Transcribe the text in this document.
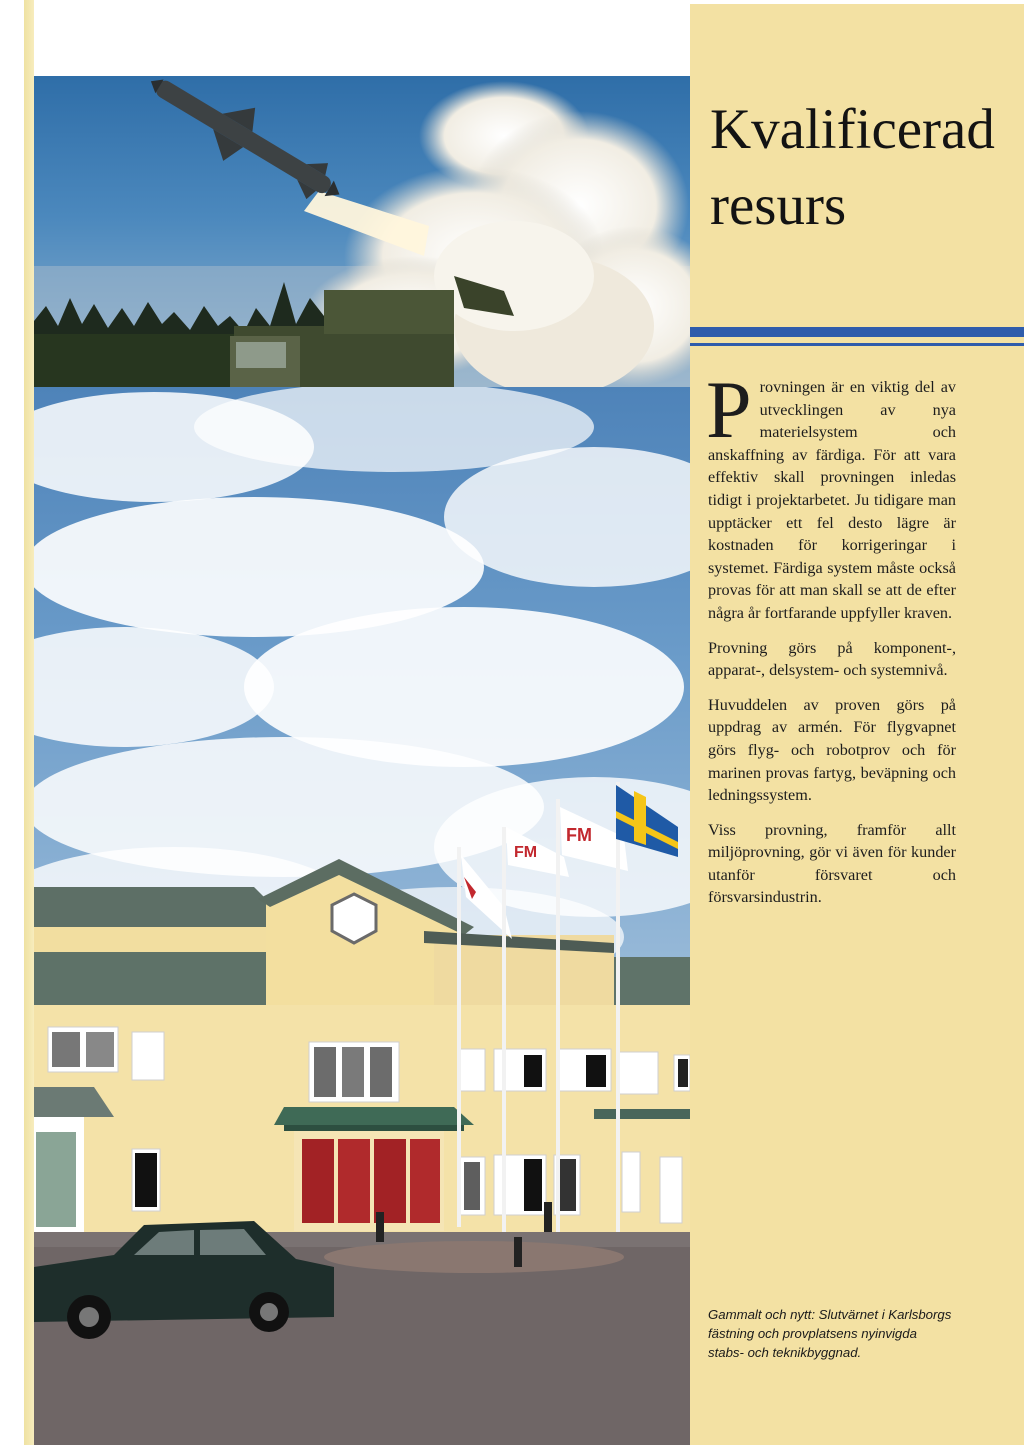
FM
FM
Kvalificerad
resurs

Provningen är en viktig del av utvecklingen av nya materielsystem och anskaffning av färdiga. För att vara effektiv skall provningen inledas tidigt i projektarbetet. Ju tidigare man upptäcker ett fel desto lägre är kostnaden för korrigeringar i systemet. Färdiga system måste också provas för att man skall se att de efter några år fortfarande uppfyller kraven.

Provning görs på komponent-, apparat-, delsystem- och systemnivå.

Huvuddelen av proven görs på uppdrag av armén. För flygvapnet görs flyg- och robotprov och för marinen provas fartyg, beväpning och ledningssystem.

Viss provning, framför allt miljöprovning, gör vi även för kunder utanför försvaret och försvarsindustrin.

Gammalt och nytt: Slutvärnet i Karlsborgs fästning och provplatsens nyinvigda stabs- och teknikbyggnad.
